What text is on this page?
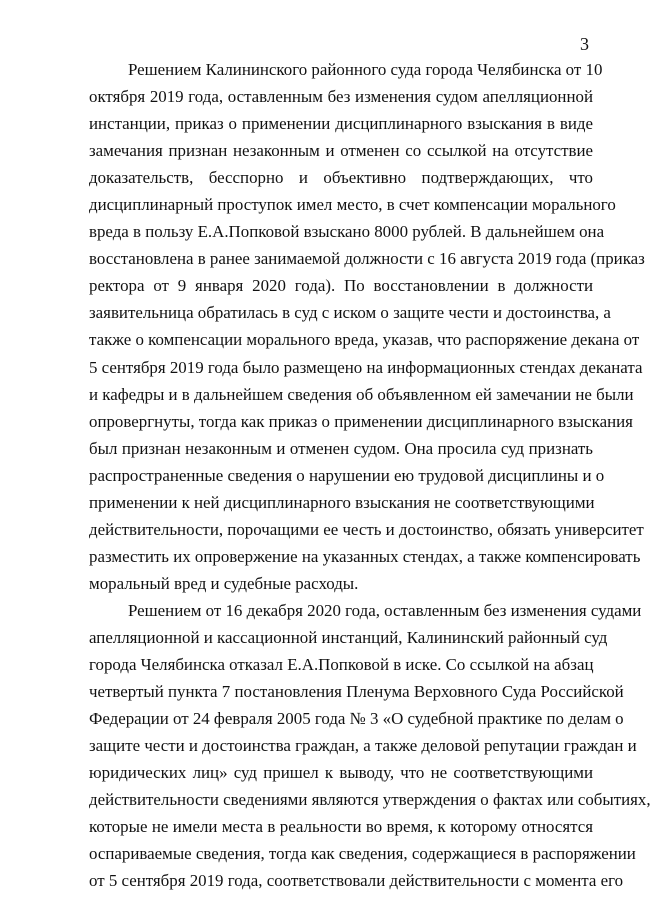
3
Решением Калининского районного суда города Челябинска от 10
октября 2019 года, оставленным без изменения судом апелляционной
инстанции, приказ о применении дисциплинарного взыскания в виде
замечания признан незаконным и отменен со ссылкой на отсутствие
доказательств, бесспорно и объективно подтверждающих, что
дисциплинарный проступок имел место, в счет компенсации морального
вреда в пользу Е.А.Попковой взыскано 8000 рублей. В дальнейшем она
восстановлена в ранее занимаемой должности с 16 августа 2019 года (приказ
ректора от 9 января 2020 года). По восстановлении в должности
заявительница обратилась в суд с иском о защите чести и достоинства, а
также о компенсации морального вреда, указав, что распоряжение декана от
5 сентября 2019 года было размещено на информационных стендах деканата
и кафедры и в дальнейшем сведения об объявленном ей замечании не были
опровергнуты, тогда как приказ о применении дисциплинарного взыскания
был признан незаконным и отменен судом. Она просила суд признать
распространенные сведения о нарушении ею трудовой дисциплины и о
применении к ней дисциплинарного взыскания не соответствующими
действительности, порочащими ее честь и достоинство, обязать университет
разместить их опровержение на указанных стендах, а также компенсировать
моральный вред и судебные расходы.
Решением от 16 декабря 2020 года, оставленным без изменения судами
апелляционной и кассационной инстанций, Калининский районный суд
города Челябинска отказал Е.А.Попковой в иске. Со ссылкой на абзац
четвертый пункта 7 постановления Пленума Верховного Суда Российской
Федерации от 24 февраля 2005 года № 3 «О судебной практике по делам о
защите чести и достоинства граждан, а также деловой репутации граждан и
юридических лиц» суд пришел к выводу, что не соответствующими
действительности сведениями являются утверждения о фактах или событиях,
которые не имели места в реальности во время, к которому относятся
оспариваемые сведения, тогда как сведения, содержащиеся в распоряжении
от 5 сентября 2019 года, соответствовали действительности с момента его
